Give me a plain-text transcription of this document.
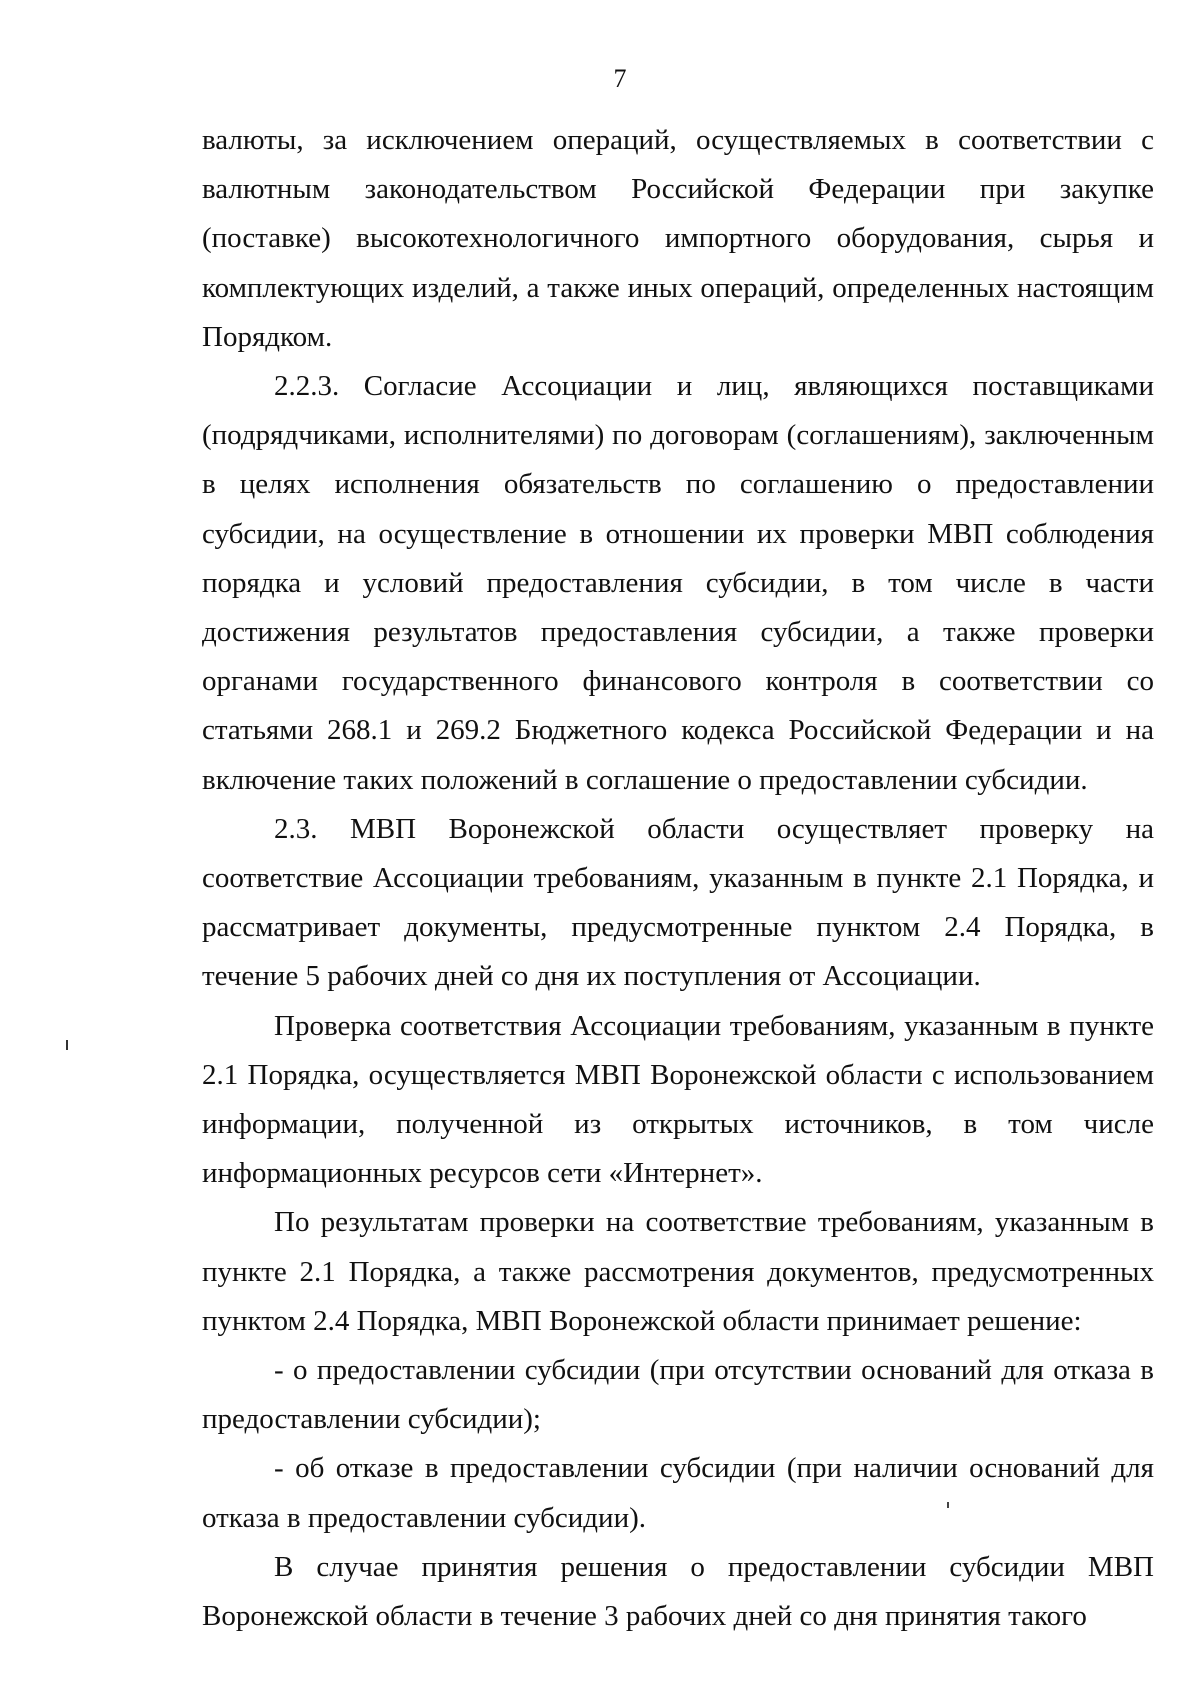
7

валюты, за исключением операций, осуществляемых в соответствии с валютным законодательством Российской Федерации при закупке (поставке) высокотехнологичного импортного оборудования, сырья и комплектующих изделий, а также иных операций, определенных настоящим Порядком.

2.2.3. Согласие Ассоциации и лиц, являющихся поставщиками (подрядчиками, исполнителями) по договорам (соглашениям), заключенным в целях исполнения обязательств по соглашению о предоставлении субсидии, на осуществление в отношении их проверки МВП соблюдения порядка и условий предоставления субсидии, в том числе в части достижения результатов предоставления субсидии, а также проверки органами государственного финансового контроля в соответствии со статьями 268.1 и 269.2 Бюджетного кодекса Российской Федерации и на включение таких положений в соглашение о предоставлении субсидии.

2.3. МВП Воронежской области осуществляет проверку на соответствие Ассоциации требованиям, указанным в пункте 2.1 Порядка, и рассматривает документы, предусмотренные пунктом 2.4 Порядка, в течение 5 рабочих дней со дня их поступления от Ассоциации.

Проверка соответствия Ассоциации требованиям, указанным в пункте 2.1 Порядка, осуществляется МВП Воронежской области с использованием информации, полученной из открытых источников, в том числе информационных ресурсов сети «Интернет».

По результатам проверки на соответствие требованиям, указанным в пункте 2.1 Порядка, а также рассмотрения документов, предусмотренных пунктом 2.4 Порядка, МВП Воронежской области принимает решение:

- о предоставлении субсидии (при отсутствии оснований для отказа в предоставлении субсидии);

- об отказе в предоставлении субсидии (при наличии оснований для отказа в предоставлении субсидии).

В случае принятия решения о предоставлении субсидии МВП Воронежской области в течение 3 рабочих дней со дня принятия такого
